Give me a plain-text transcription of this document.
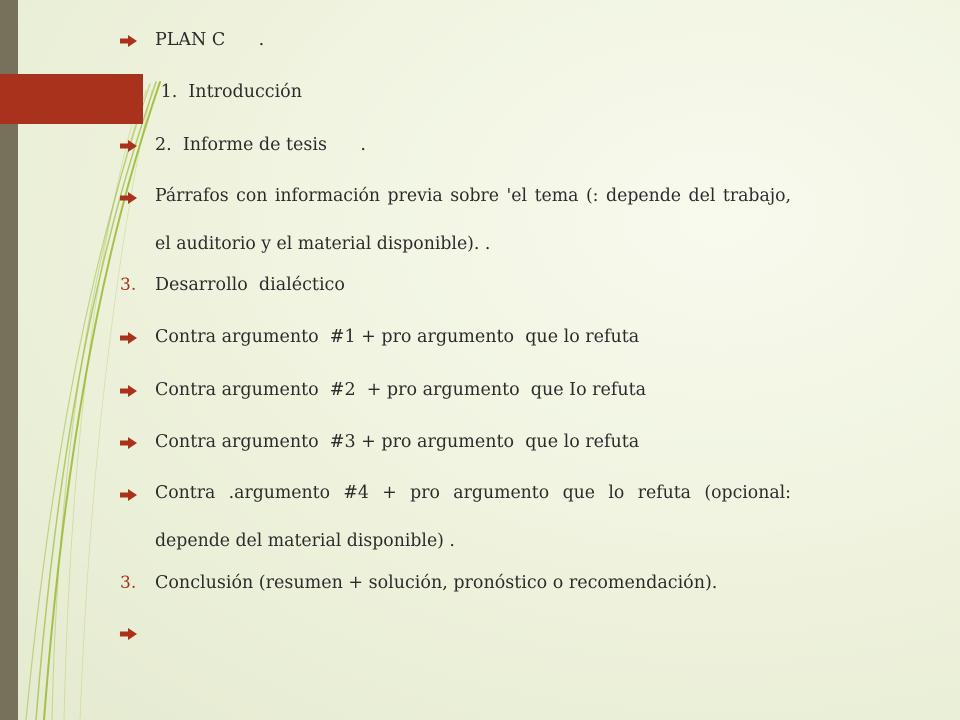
PLAN C      .

1.  Introducción

2.  Informe de tesis      .

Párrafos con información previa sobre 'el tema (: depende del trabajo, el auditorio y el material disponible). .

3.	Desarrollo  dialéctico

Contra argumento  #1 + pro argumento  que lo refuta

Contra argumento  #2  + pro argumento  que Io refuta

Contra argumento  #3 + pro argumento  que lo refuta

Contra .argumento #4 + pro argumento que lo refuta (opcional: depende del material disponible) .

3.	Conclusión (resumen + solución, pronóstico o recomendación).
